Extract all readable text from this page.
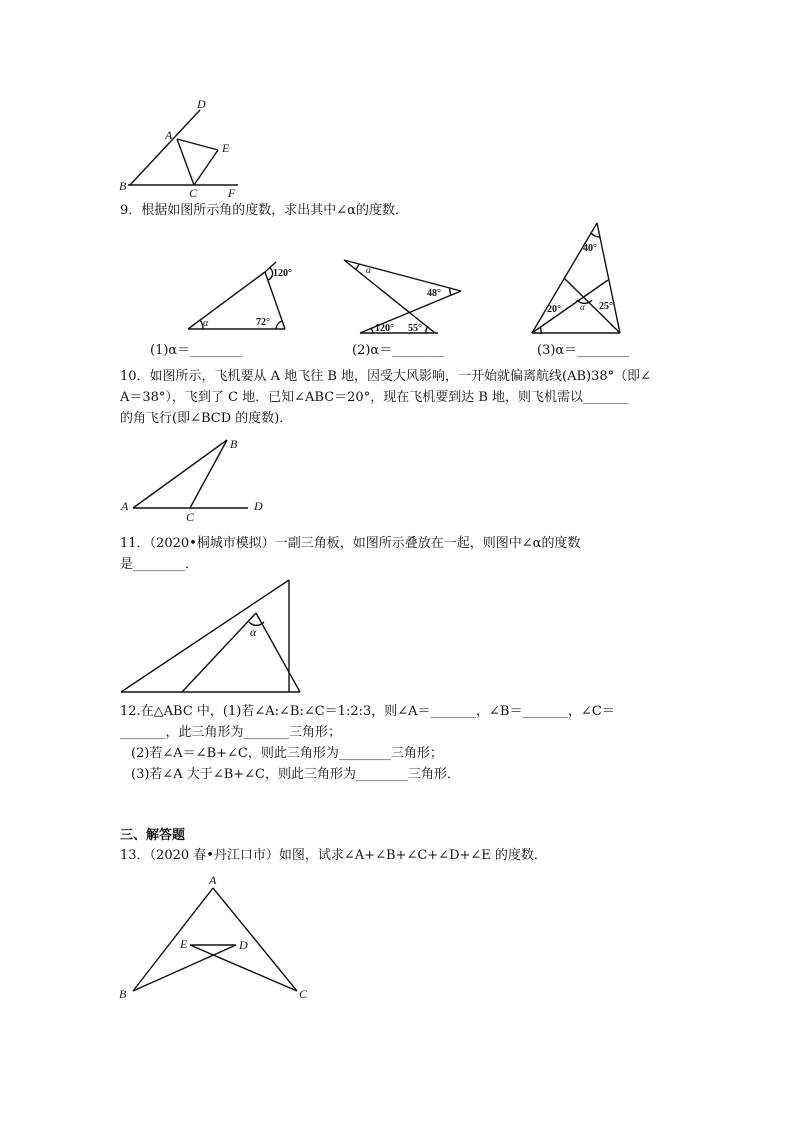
D
A
E
B	C	F
9．根据如图所示角的度数，求出其中∠α的度数．
120°
72°
α
α
48°
120° 55°
40°
20°	25°
α
(1)α＝________	(2)α＝________	(3)α＝________
10．如图所示，飞机要从 A 地飞往 B 地，因受大风影响，一开始就偏离航线(AB)38°（即∠
A＝38°），飞到了 C 地．已知∠ABC＝20°，现在飞机要到达 B 地，则飞机需以_______
的角飞行(即∠BCD 的度数)．
B
A
C
D
11．（2020•桐城市模拟）一副三角板，如图所示叠放在一起，则图中∠α的度数
是________．
α
12.在△ABC 中，(1)若∠A:∠B:∠C＝1:2:3，则∠A＝_______，∠B＝_______，∠C＝
_______，此三角形为_______三角形；
(2)若∠A＝∠B+∠C，则此三角形为________三角形；
(3)若∠A 大于∠B+∠C，则此三角形为________三角形．
三、解答题
13．（2020 春•丹江口市）如图，试求∠A+∠B+∠C+∠D+∠E 的度数．
A
E	D
B	C
